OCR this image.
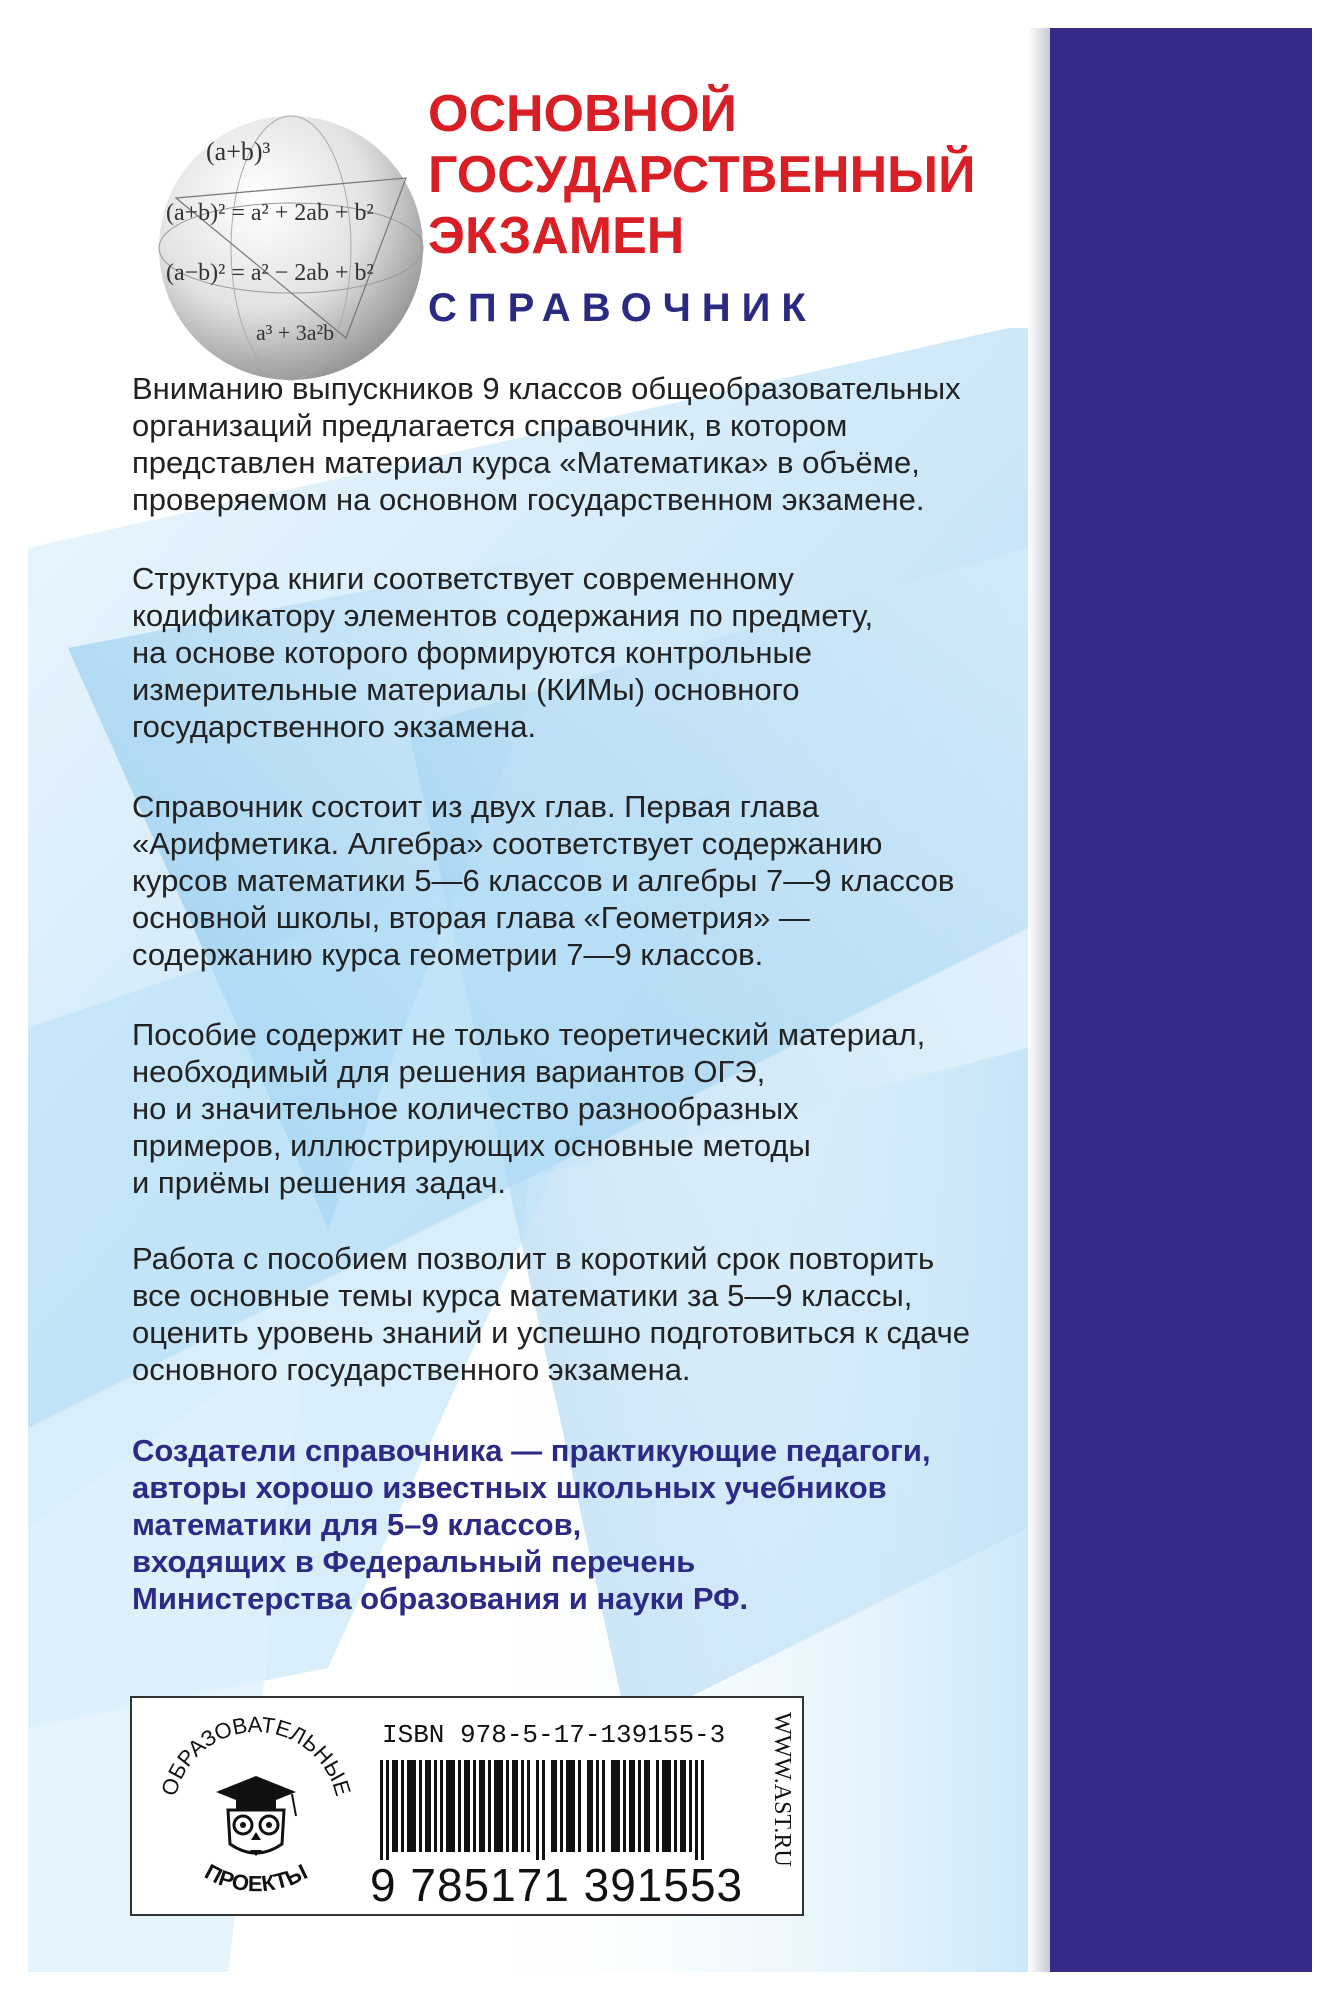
(a+b)³
(a+b)² = a² + 2ab + b²
(a−b)² = a² − 2ab + b²
a³ + 3a²b
ОСНОВНОЙ
ГОСУДАРСТВЕННЫЙ
ЭКЗАМЕН
СПРАВОЧНИК
Вниманию выпускников 9 классов общеобразовательных
организаций предлагается справочник, в котором
представлен материал курса «Математика» в объёме,
проверяемом на основном государственном экзамене.
Структура книги соответствует современному
кодификатору элементов содержания по предмету,
на основе которого формируются контрольные
измерительные материалы (КИМы) основного
государственного экзамена.
Справочник состоит из двух глав. Первая глава
«Арифметика. Алгебра» соответствует содержанию
курсов математики 5—6 классов и алгебры 7—9 классов
основной школы, вторая глава «Геометрия» —
содержанию курса геометрии 7—9 классов.
Пособие содержит не только теоретический материал,
необходимый для решения вариантов ОГЭ,
но и значительное количество разнообразных
примеров, иллюстрирующих основные методы
и приёмы решения задач.
Работа с пособием позволит в короткий срок повторить
все основные темы курса математики за 5—9 классы,
оценить уровень знаний и успешно подготовиться к сдаче
основного государственного экзамена.
Создатели справочника — практикующие педагоги,
авторы хорошо известных школьных учебников
математики для 5–9 классов,
входящих в Федеральный перечень
Министерства образования и науки РФ.
ОБРАЗОВАТЕЛЬНЫЕ
ПРОЕКТЫ

ISBN 978-5-17-139155-3

9 785171 391553

WWW.AST.RU
